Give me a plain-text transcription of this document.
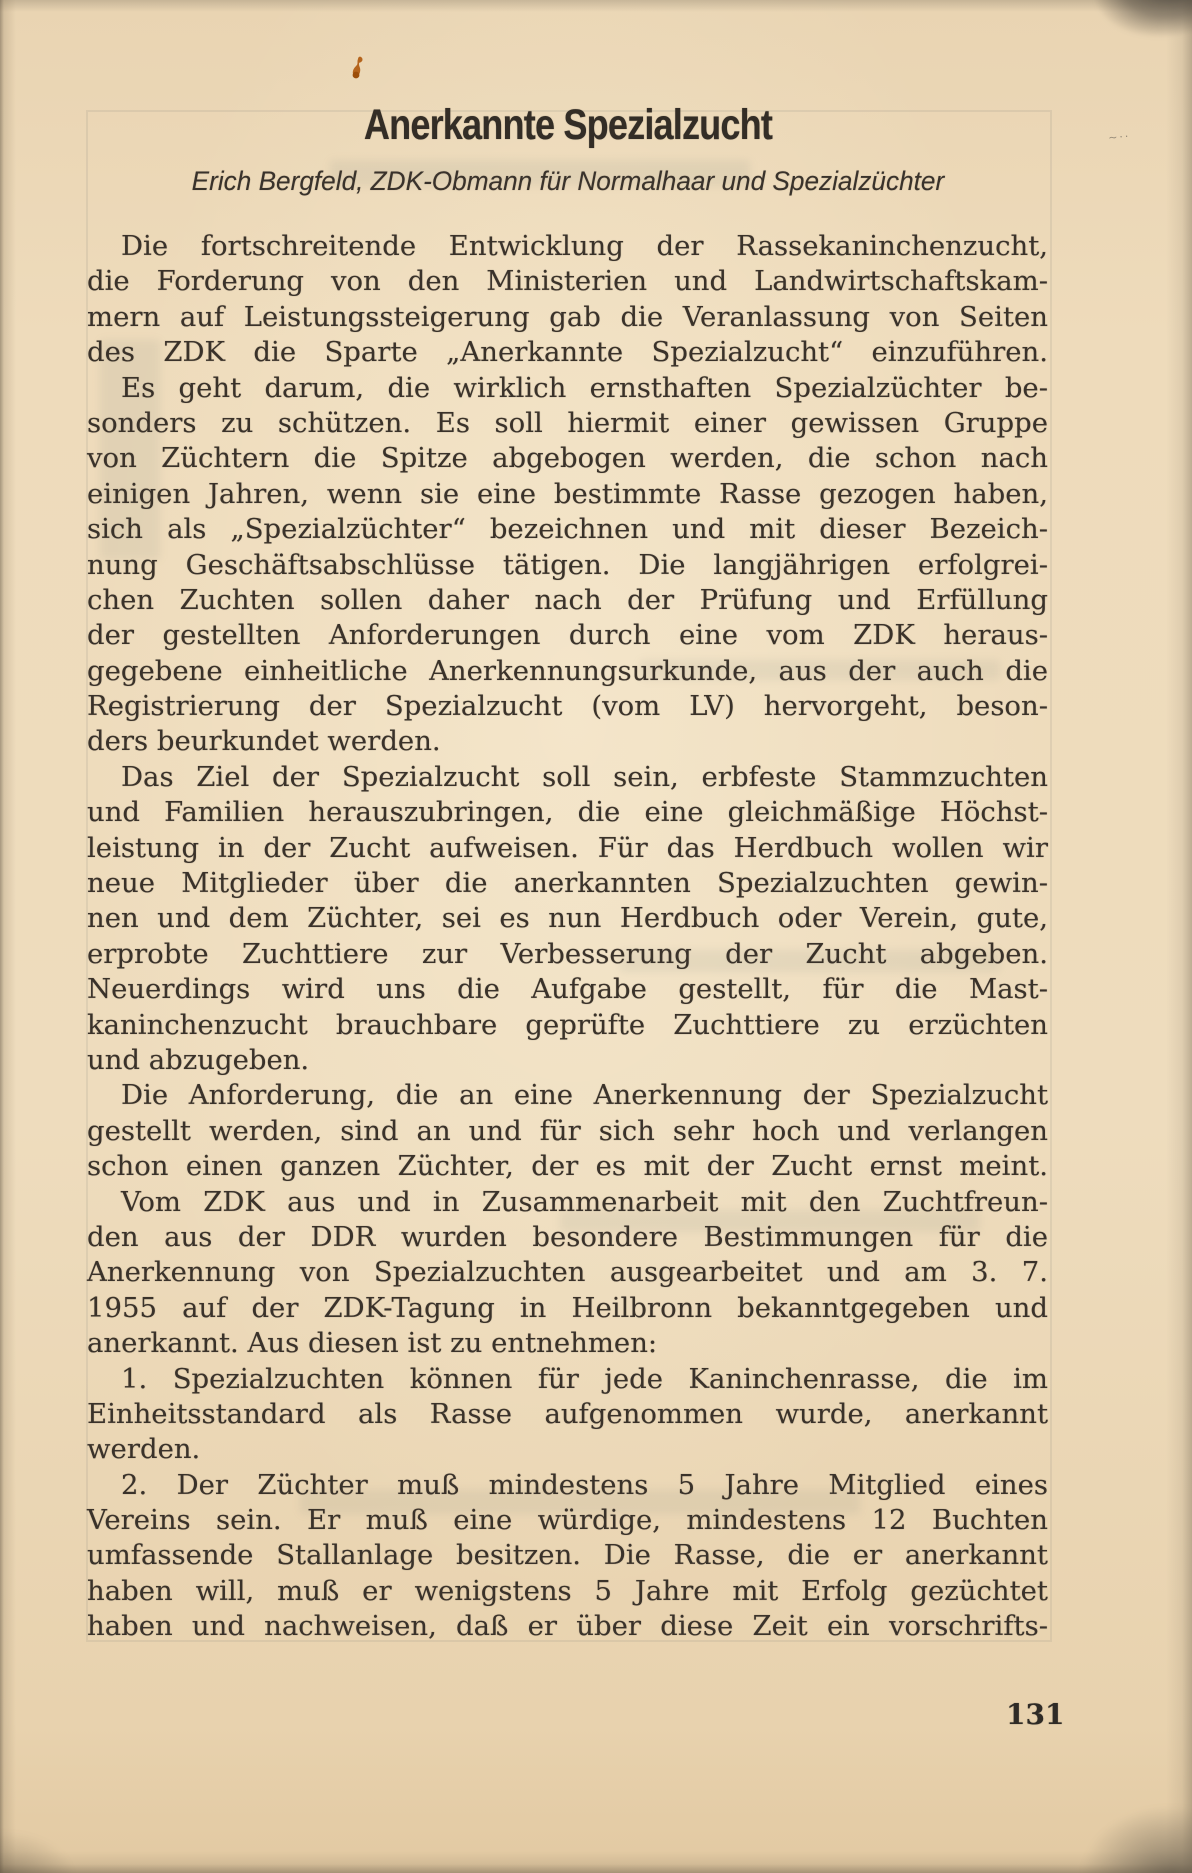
~··
Anerkannte Spezialzucht
Erich Bergfeld, ZDK-Obmann für Normalhaar und Spezialzüchter
Die fortschreitende Entwicklung der Rassekaninchenzucht,
die Forderung von den Ministerien und Landwirtschaftskam-
mern auf Leistungssteigerung gab die Veranlassung von Seiten
des ZDK die Sparte „Anerkannte Spezialzucht“ einzuführen.
Es geht darum, die wirklich ernsthaften Spezialzüchter be-
sonders zu schützen. Es soll hiermit einer gewissen Gruppe
von Züchtern die Spitze abgebogen werden, die schon nach
einigen Jahren, wenn sie eine bestimmte Rasse gezogen haben,
sich als „Spezialzüchter“ bezeichnen und mit dieser Bezeich-
nung Geschäftsabschlüsse tätigen. Die langjährigen erfolgrei-
chen Zuchten sollen daher nach der Prüfung und Erfüllung
der gestellten Anforderungen durch eine vom ZDK heraus-
gegebene einheitliche Anerkennungsurkunde, aus der auch die
Registrierung der Spezialzucht (vom LV) hervorgeht, beson-
ders beurkundet werden.
Das Ziel der Spezialzucht soll sein, erbfeste Stammzuchten
und Familien herauszubringen, die eine gleichmäßige Höchst-
leistung in der Zucht aufweisen. Für das Herdbuch wollen wir
neue Mitglieder über die anerkannten Spezialzuchten gewin-
nen und dem Züchter, sei es nun Herdbuch oder Verein, gute,
erprobte Zuchttiere zur Verbesserung der Zucht abgeben.
Neuerdings wird uns die Aufgabe gestellt, für die Mast-
kaninchenzucht brauchbare geprüfte Zuchttiere zu erzüchten
und abzugeben.
Die Anforderung, die an eine Anerkennung der Spezialzucht
gestellt werden, sind an und für sich sehr hoch und verlangen
schon einen ganzen Züchter, der es mit der Zucht ernst meint.
Vom ZDK aus und in Zusammenarbeit mit den Zuchtfreun-
den aus der DDR wurden besondere Bestimmungen für die
Anerkennung von Spezialzuchten ausgearbeitet und am 3. 7.
1955 auf der ZDK-Tagung in Heilbronn bekanntgegeben und
anerkannt. Aus diesen ist zu entnehmen:
1. Spezialzuchten können für jede Kaninchenrasse, die im
Einheitsstandard als Rasse aufgenommen wurde, anerkannt
werden.
2. Der Züchter muß mindestens 5 Jahre Mitglied eines
Vereins sein. Er muß eine würdige, mindestens 12 Buchten
umfassende Stallanlage besitzen. Die Rasse, die er anerkannt
haben will, muß er wenigstens 5 Jahre mit Erfolg gezüchtet
haben und nachweisen, daß er über diese Zeit ein vorschrifts-
131
